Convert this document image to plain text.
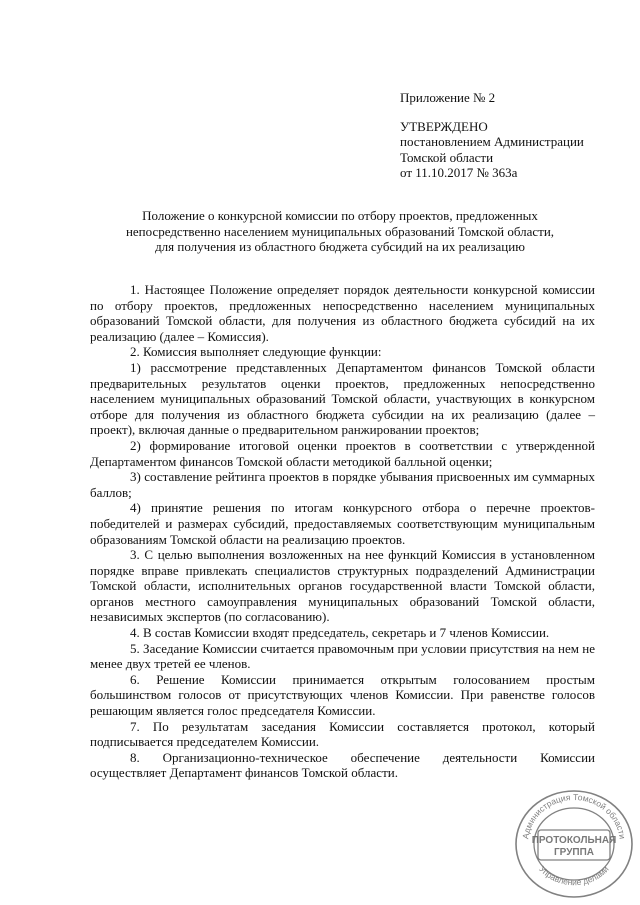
Приложение № 2
УТВЕРЖДЕНО
постановлением Администрации
Томской области
от 11.10.2017 № 363а
Положение о конкурсной комиссии по отбору проектов, предложенных
непосредственно населением муниципальных образований Томской области,
для получения из областного бюджета субсидий на их реализацию

1. Настоящее Положение определяет порядок деятельности конкурсной комиссии по отбору проектов, предложенных непосредственно населением муниципальных образований Томской области, для получения из областного бюджета субсидий на их реализацию (далее – Комиссия).

2. Комиссия выполняет следующие функции:

1) рассмотрение представленных Департаментом финансов Томской области предварительных результатов оценки проектов, предложенных непосредственно населением муниципальных образований Томской области, участвующих в конкурсном отборе для получения из областного бюджета субсидии на их реализацию (далее – проект), включая данные о предварительном ранжировании проектов;

2) формирование итоговой оценки проектов в соответствии с утвержденной Департаментом финансов Томской области методикой балльной оценки;

3) составление рейтинга проектов в порядке убывания присвоенных им суммарных баллов;

4) принятие решения по итогам конкурсного отбора о перечне проектов-победителей и размерах субсидий, предоставляемых соответствующим муниципальным образованиям Томской области на реализацию проектов.

3. С целью выполнения возложенных на нее функций Комиссия в установленном порядке вправе привлекать специалистов структурных подразделений Администрации Томской области, исполнительных органов государственной власти Томской области, органов местного самоуправления муниципальных образований Томской области, независимых экспертов (по согласованию).

4. В состав Комиссии входят председатель, секретарь и 7 членов Комиссии.

5. Заседание Комиссии считается правомочным при условии присутствия на нем не менее двух третей ее членов.

6. Решение Комиссии принимается открытым голосованием простым большинством голосов от присутствующих членов Комиссии. При равенстве голосов решающим является голос председателя Комиссии.

7. По результатам заседания Комиссии составляется протокол, который подписывается председателем Комиссии.

8. Организационно-техническое обеспечение деятельности Комиссии осуществляет Департамент финансов Томской области.

Администрация Томской области
Управление делами
ПРОТОКОЛЬНАЯ
ГРУППА
